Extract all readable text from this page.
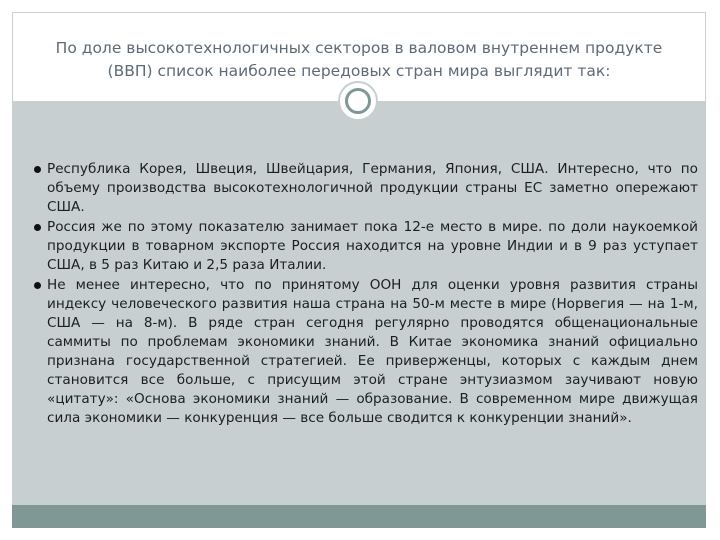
По доле высокотехнологичных секторов в валовом внутреннем продукте (ВВП) список наиболее передовых стран мира выглядит так:
Республика Корея, Швеция, Швейцария, Германия, Япония, США. Интересно, что по объему производства высокотехнологичной продукции страны ЕС заметно опережают США.
Россия же по этому показателю занимает пока 12-е место в мире. по доли наукоемкой продукции в товарном экспорте Россия находится на уровне Индии и в 9 раз уступает США, в 5 раз Китаю и 2,5 раза Италии.
Не менее интересно, что по принятому ООН для оценки уровня развития страны индексу человеческого развития наша страна на 50-м месте в мире (Норвегия — на 1-м, США — на 8-м). В ряде стран сегодня регулярно проводятся общенациональные саммиты по проблемам экономики знаний. В Китае экономика знаний официально признана государственной стратегией. Ее приверженцы, которых с каждым днем становится все больше, с присущим этой стране энтузиазмом заучивают новую «цитату»: «Основа экономики знаний — образование. В современном мире движущая сила экономики — конкуренция — все больше сводится к конкуренции знаний».
